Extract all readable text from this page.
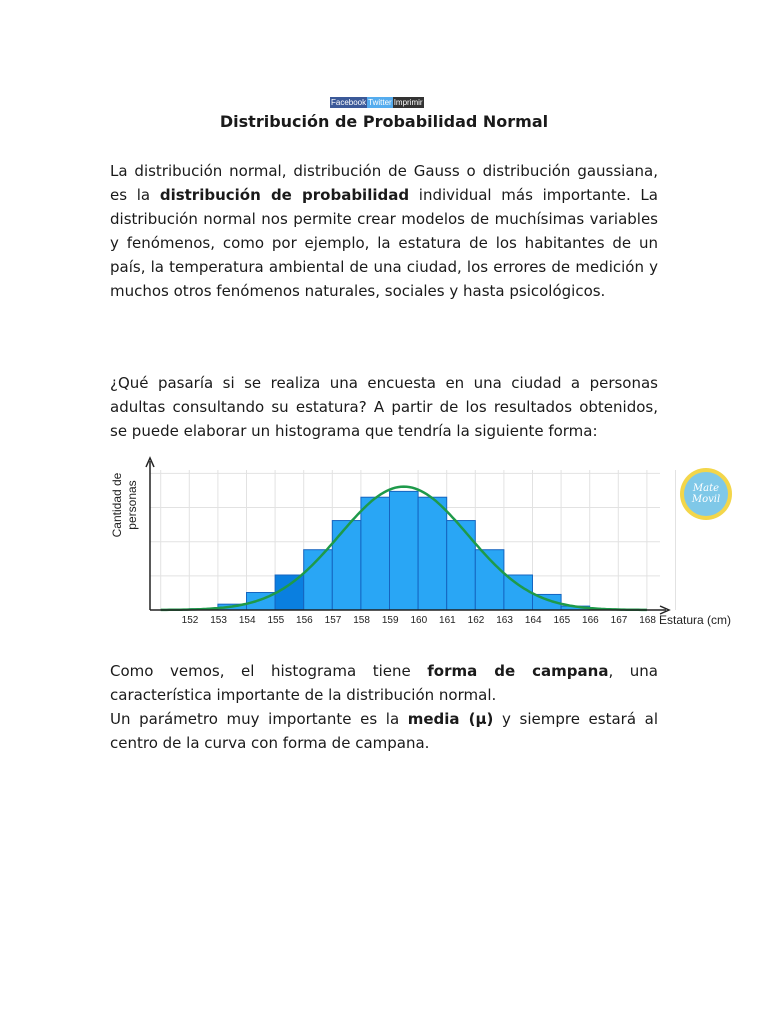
Facebook Twitter Imprimir
Distribución de Probabilidad Normal

La distribución normal, distribución de Gauss o distribución gaussiana, es la distribución de probabilidad individual más importante. La distribución normal nos permite crear modelos de muchísimas variables y fenómenos, como por ejemplo, la estatura de los habitantes de un país, la temperatura ambiental de una ciudad, los errores de medición y muchos otros fenómenos naturales, sociales y hasta psicológicos.

¿Qué pasaría si se realiza una encuesta en una ciudad a personas adultas consultando su estatura? A partir de los resultados obtenidos, se puede elaborar un histograma que tendría la siguiente forma:

152 153 154 155 156 157 158 159 160 161 162 163 164 165 166 167 168 Estatura (cm)
Cantidad depersonas	Mate
Movil

Como vemos, el histograma tiene forma de campana, una característica importante de la distribución normal.

Un parámetro muy importante es la media (µ) y siempre estará al centro de la curva con forma de campana.
